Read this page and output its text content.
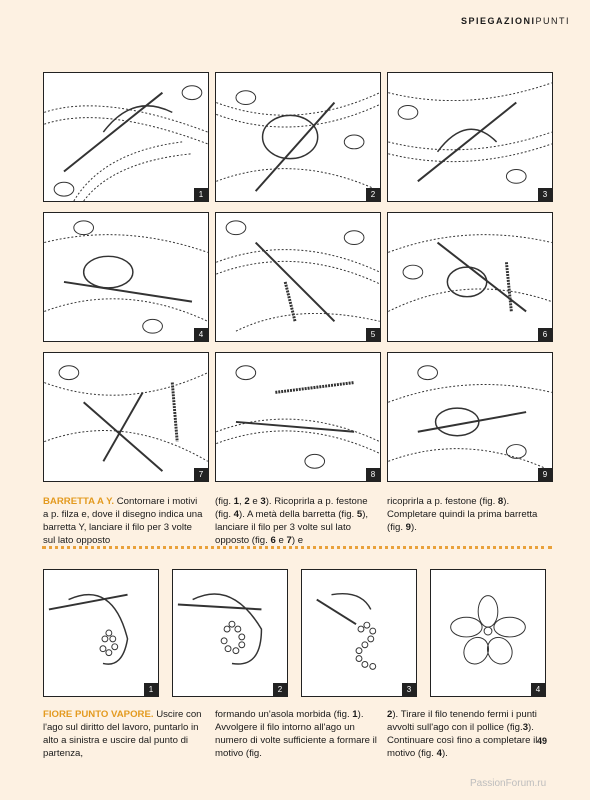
SPIEGAZIONIPUNTI
1	2	3
4	5	6
7	8	9
BARRETTA A Y. Contornare i motivi a p. filza e, dove il disegno indica una barretta Y, lanciare il filo per 3 volte sul lato opposto
(fig. 1, 2 e 3). Ricoprirla a p. festone (fig. 4). A metà della barretta (fig. 5), lanciare il filo per 3 volte sul lato opposto (fig. 6 e 7) e
ricoprirla a p. festone (fig. 8). Completare quindi la prima barretta (fig. 9).
1	2	3	4
FIORE PUNTO VAPORE. Uscire con l'ago sul diritto del lavoro, puntarlo in alto a sinistra e uscire dal punto di partenza,
formando un'asola morbida (fig. 1). Avvolgere il filo intorno all'ago un numero di volte sufficiente a formare il motivo (fig.
2). Tirare il filo tenendo fermi i punti avvolti sull'ago con il pollice (fig.3). Continuare così fino a completare il motivo (fig. 4).
49
PassionForum.ru
